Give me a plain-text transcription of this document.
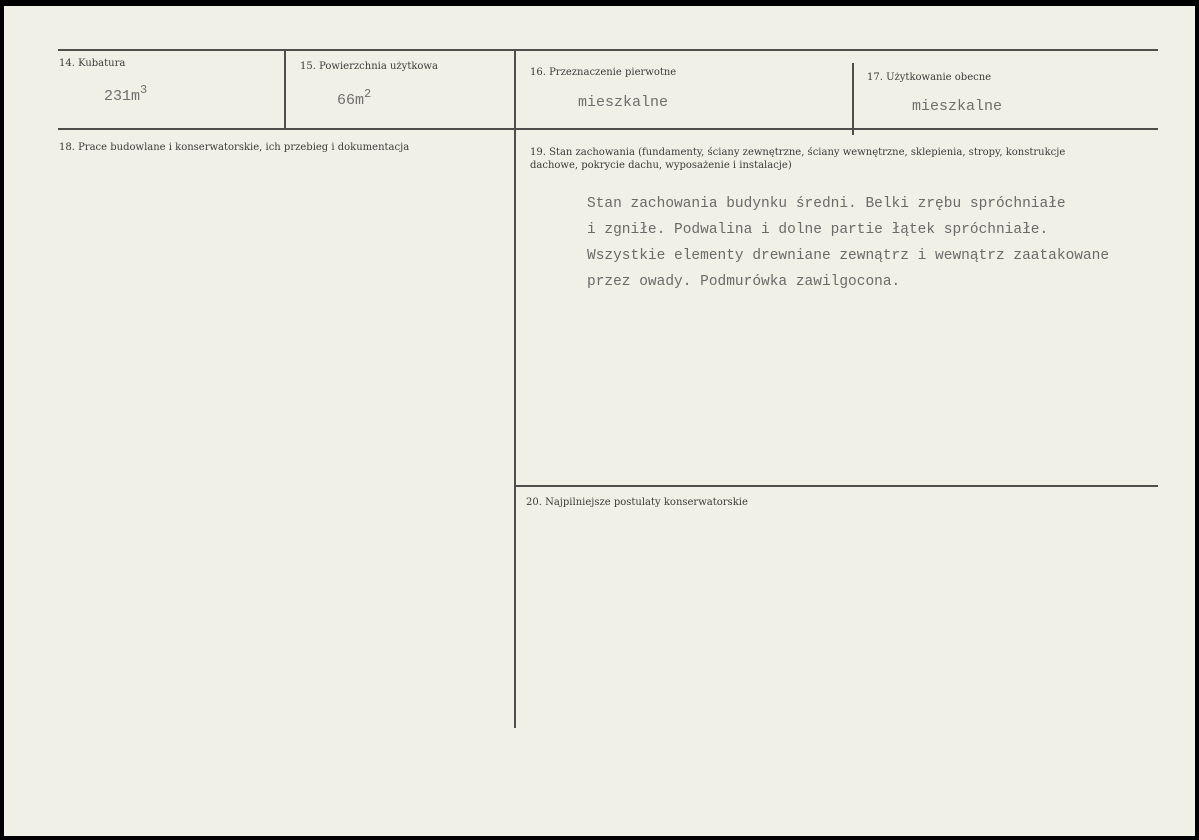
14. Kubatura
$231m^3$
15. Powierzchnia użytkowa
$66m^2$
16. Przeznaczenie pierwotne
mieszkalne
17. Użytkowanie obecne
mieszkalne
18. Prace budowlane i konserwatorskie, ich przebieg i dokumentacja	19. Stan zachowania (fundamenty, ściany zewnętrzne, ściany wewnętrzne, sklepienia, stropy, konstrukcje
dachowe, pokrycie dachu, wyposażenie i instalacje)
Stan zachowania budynku średni. Belki zrębu spróchniałe
i zgniłe. Podwalina i dolne partie łątek spróchniałe.
Wszystkie elementy drewniane zewnątrz i wewnątrz zaatakowane
przez owady. Podmurówka zawilgocona.
20. Najpilniejsze postulaty konserwatorskie
